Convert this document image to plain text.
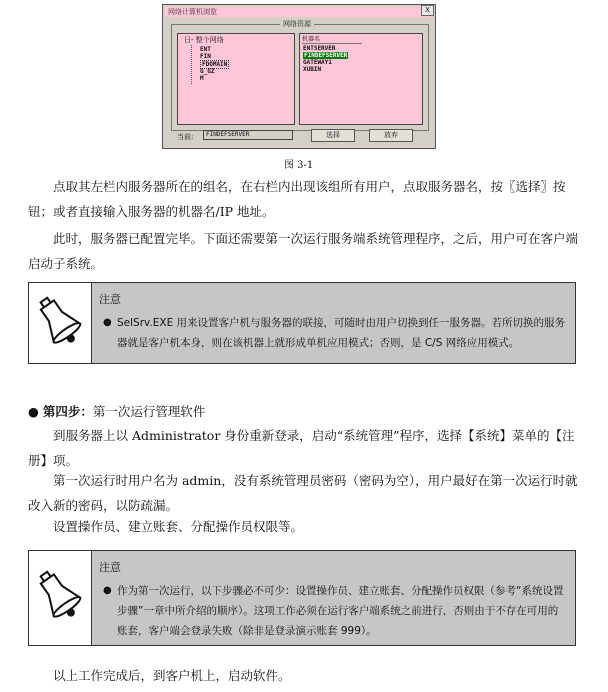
网络计算机浏览	X
网络资源
日- 整个网络
ENT
FIN
FDOMAIN
G_GZ
M
机器名
ENTSERVER
FINDEFSERVER
GATEWAY1
XUBIN
当前:	FINDEFSERVER	选择	放弃
图 3-1
点取其左栏内服务器所在的组名，在右栏内出现该组所有用户，点取服务器名，按〖选择〗按钮；或者直接输入服务器的机器名/IP 地址。
此时，服务器已配置完毕。下面还需要第一次运行服务端系统管理程序，之后，用户可在客户端启动子系统。
注意
● SelSrv.EXE 用来设置客户机与服务器的联接，可随时由用户切换到任一服务器。若所切换的服务器就是客户机本身，则在该机器上就形成单机应用模式；否则，是 C/S 网络应用模式。
● 第四步：第一次运行管理软件
到服务器上以 Administrator 身份重新登录，启动“系统管理”程序，选择【系统】菜单的【注册】项。
第一次运行时用户名为 admin，没有系统管理员密码（密码为空），用户最好在第一次运行时就改入新的密码，以防疏漏。
设置操作员、建立账套、分配操作员权限等。
注意
● 作为第一次运行，以下步骤必不可少：设置操作员、建立账套、分配操作员权限（参考“系统设置步骤”一章中所介绍的顺序）。这项工作必须在运行客户端系统之前进行，否则由于不存在可用的账套，客户端会登录失败（除非是登录演示账套 999）。
以上工作完成后，到客户机上，启动软件。
